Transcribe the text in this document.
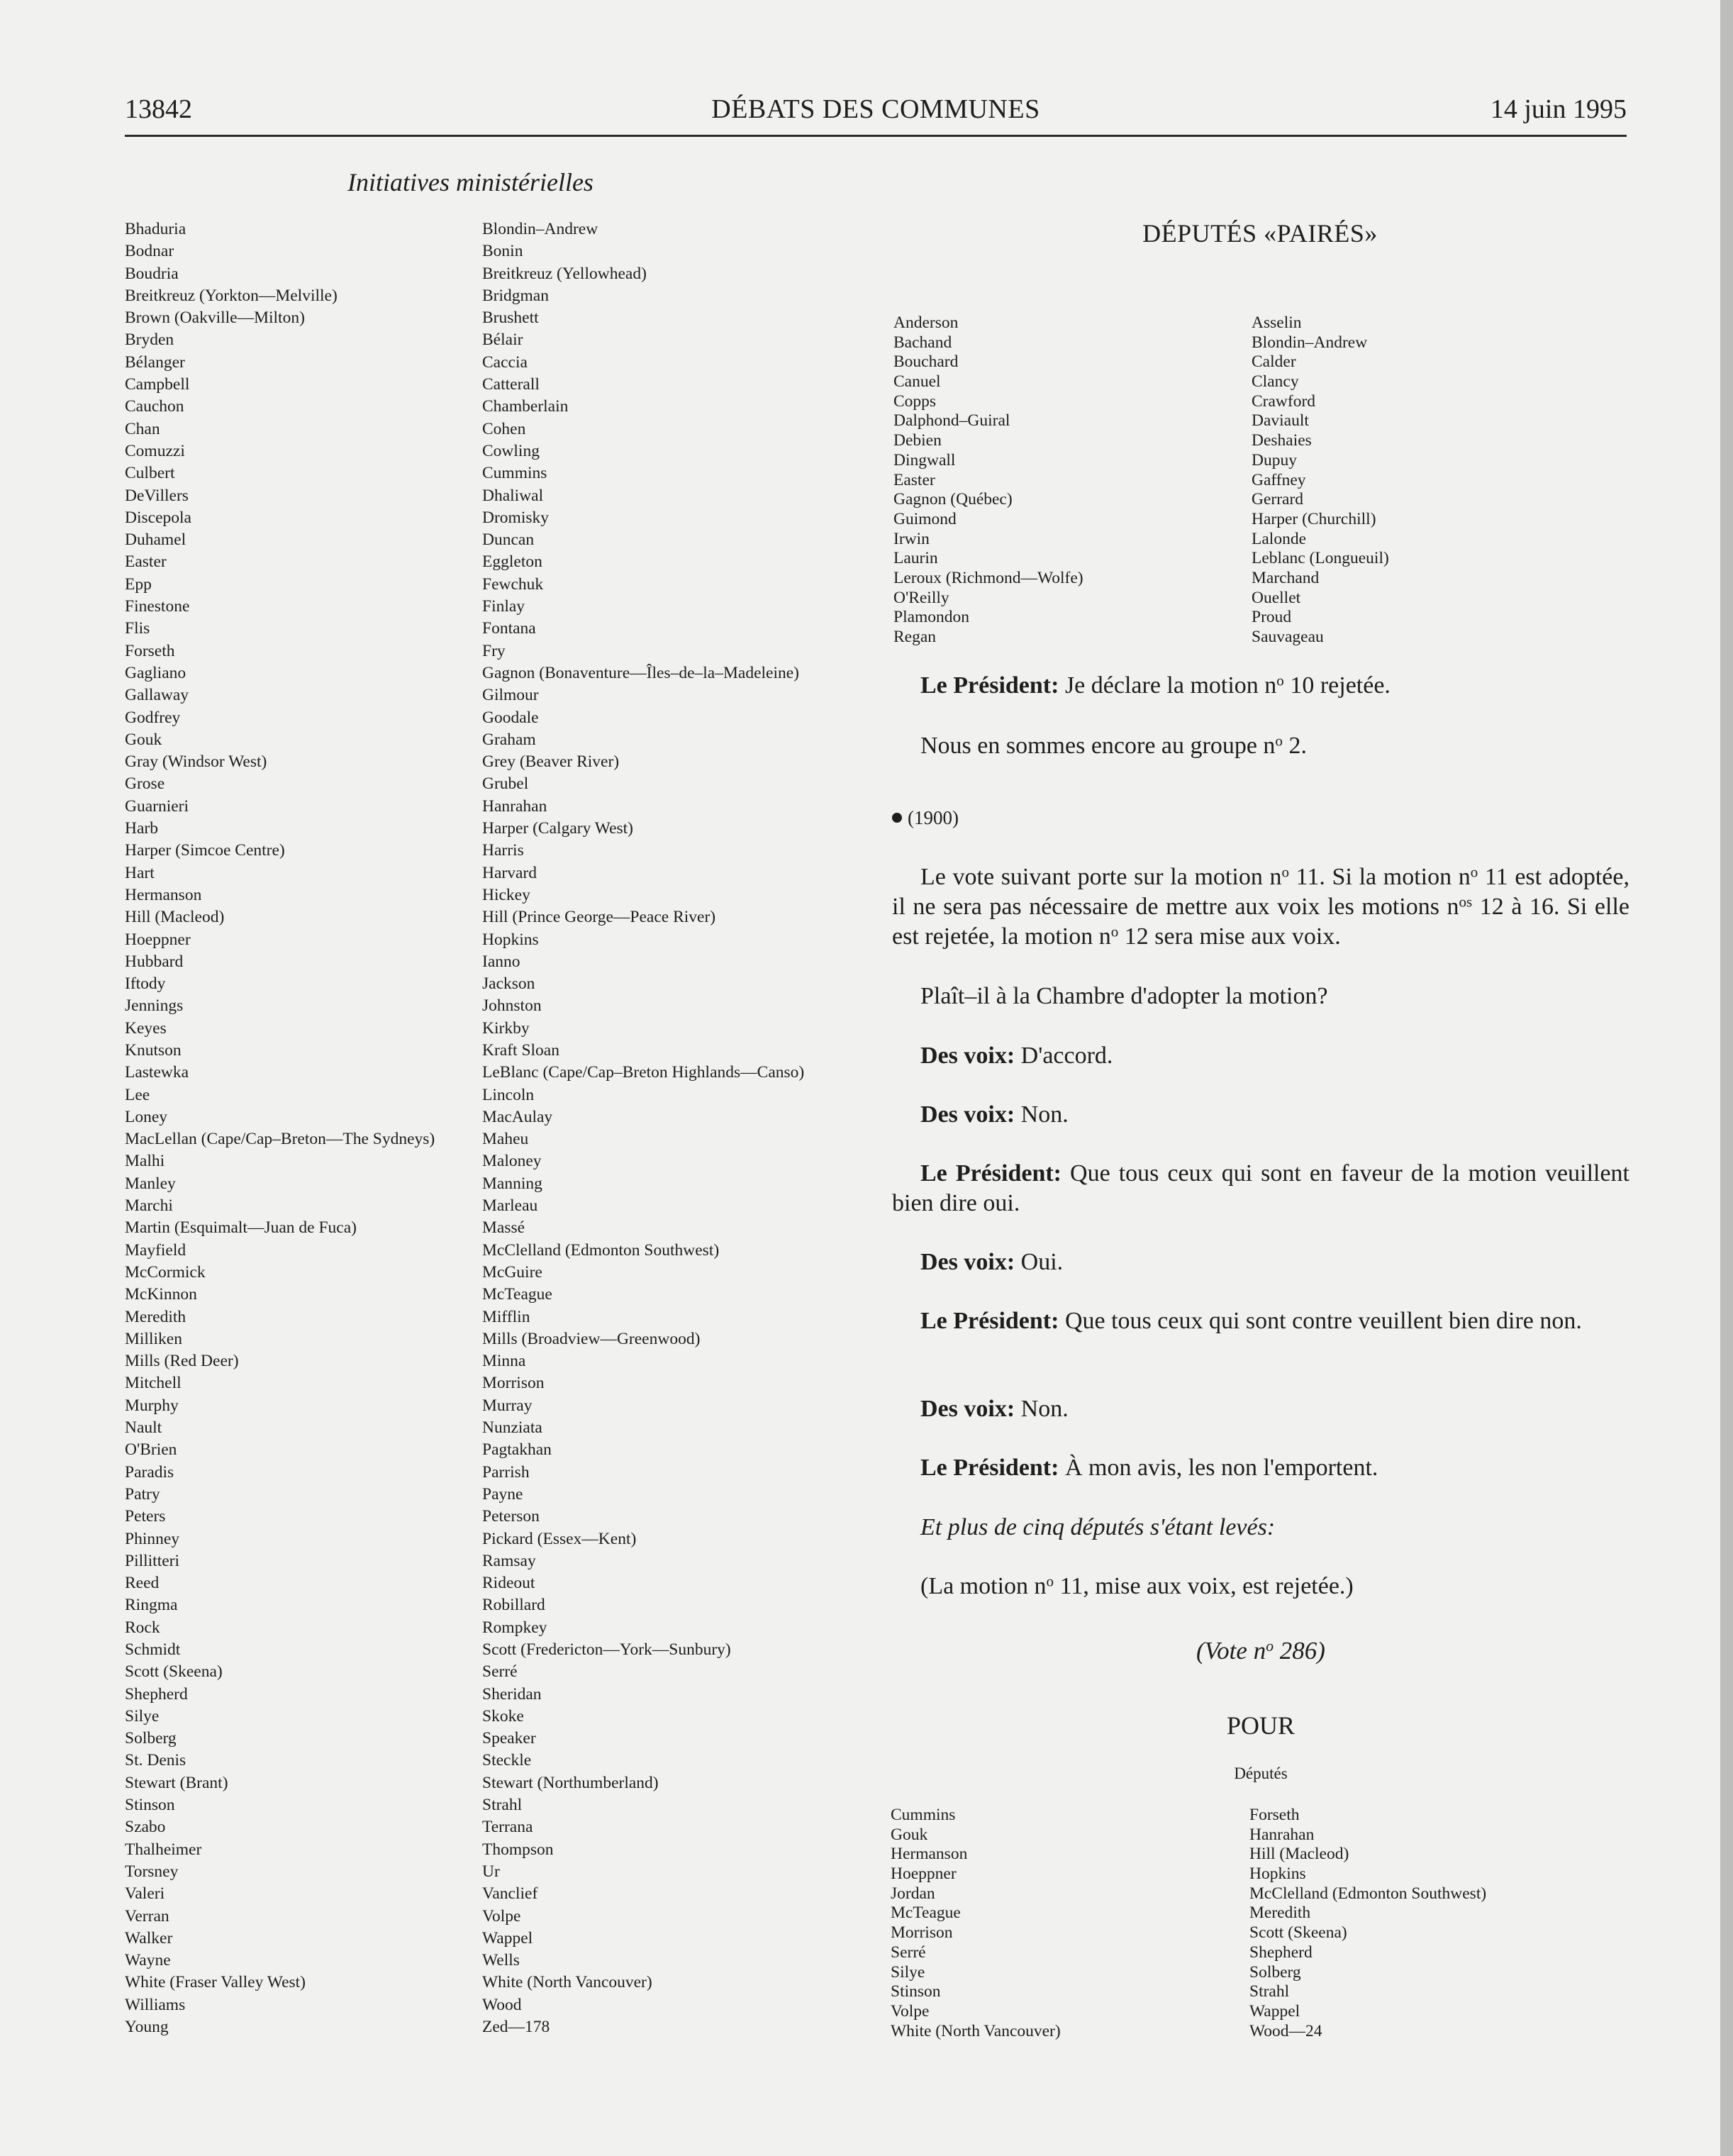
13842	DÉBATS DES COMMUNES	14 juin 1995
Initiatives ministérielles
Bhaduria
Bodnar
Boudria
Breitkreuz (Yorkton—Melville)
Brown (Oakville—Milton)
Bryden
Bélanger
Campbell
Cauchon
Chan
Comuzzi
Culbert
DeVillers
Discepola
Duhamel
Easter
Epp
Finestone
Flis
Forseth
Gagliano
Gallaway
Godfrey
Gouk
Gray (Windsor West)
Grose
Guarnieri
Harb
Harper (Simcoe Centre)
Hart
Hermanson
Hill (Macleod)
Hoeppner
Hubbard
Iftody
Jennings
Keyes
Knutson
Lastewka
Lee
Loney
MacLellan (Cape/Cap–Breton—The Sydneys)
Malhi
Manley
Marchi
Martin (Esquimalt—Juan de Fuca)
Mayfield
McCormick
McKinnon
Meredith
Milliken
Mills (Red Deer)
Mitchell
Murphy
Nault
O'Brien
Paradis
Patry
Peters
Phinney
Pillitteri
Reed
Ringma
Rock
Schmidt
Scott (Skeena)
Shepherd
Silye
Solberg
St. Denis
Stewart (Brant)
Stinson
Szabo
Thalheimer
Torsney
Valeri
Verran
Walker
Wayne
White (Fraser Valley West)
Williams
Young
Blondin–Andrew
Bonin
Breitkreuz (Yellowhead)
Bridgman
Brushett
Bélair
Caccia
Catterall
Chamberlain
Cohen
Cowling
Cummins
Dhaliwal
Dromisky
Duncan
Eggleton
Fewchuk
Finlay
Fontana
Fry
Gagnon (Bonaventure—Îles–de–la–Madeleine)
Gilmour
Goodale
Graham
Grey (Beaver River)
Grubel
Hanrahan
Harper (Calgary West)
Harris
Harvard
Hickey
Hill (Prince George—Peace River)
Hopkins
Ianno
Jackson
Johnston
Kirkby
Kraft Sloan
LeBlanc (Cape/Cap–Breton Highlands—Canso)
Lincoln
MacAulay
Maheu
Maloney
Manning
Marleau
Massé
McClelland (Edmonton Southwest)
McGuire
McTeague
Mifflin
Mills (Broadview—Greenwood)
Minna
Morrison
Murray
Nunziata
Pagtakhan
Parrish
Payne
Peterson
Pickard (Essex—Kent)
Ramsay
Rideout
Robillard
Rompkey
Scott (Fredericton—York—Sunbury)
Serré
Sheridan
Skoke
Speaker
Steckle
Stewart (Northumberland)
Strahl
Terrana
Thompson
Ur
Vanclief
Volpe
Wappel
Wells
White (North Vancouver)
Wood
Zed—178
DÉPUTÉS «PAIRÉS»
Anderson
Bachand
Bouchard
Canuel
Copps
Dalphond–Guiral
Debien
Dingwall
Easter
Gagnon (Québec)
Guimond
Irwin
Laurin
Leroux (Richmond—Wolfe)
O'Reilly
Plamondon
Regan
Asselin
Blondin–Andrew
Calder
Clancy
Crawford
Daviault
Deshaies
Dupuy
Gaffney
Gerrard
Harper (Churchill)
Lalonde
Leblanc (Longueuil)
Marchand
Ouellet
Proud
Sauvageau

Le Président: Je déclare la motion $n^o$ 10 rejetée.

Nous en sommes encore au groupe $n^o$ 2.

(1900)

Le vote suivant porte sur la motion $n^o$ 11. Si la motion $n^o$ 11 est adoptée, il ne sera pas nécessaire de mettre aux voix les motions $n^{os}$ 12 à 16. Si elle est rejetée, la motion $n^o$ 12 sera mise aux voix.

Plaît–il à la Chambre d'adopter la motion?

Des voix: D'accord.

Des voix: Non.

Le Président: Que tous ceux qui sont en faveur de la motion veuillent bien dire oui.

Des voix: Oui.

Le Président: Que tous ceux qui sont contre veuillent bien dire non.

Des voix: Non.

Le Président: À mon avis, les non l'emportent.

Et plus de cinq députés s'étant levés:

(La motion $n^o$ 11, mise aux voix, est rejetée.)

(Vote $n^o$ 286)
POUR
Députés
Cummins
Gouk
Hermanson
Hoeppner
Jordan
McTeague
Morrison
Serré
Silye
Stinson
Volpe
White (North Vancouver)
Forseth
Hanrahan
Hill (Macleod)
Hopkins
McClelland (Edmonton Southwest)
Meredith
Scott (Skeena)
Shepherd
Solberg
Strahl
Wappel
Wood—24
